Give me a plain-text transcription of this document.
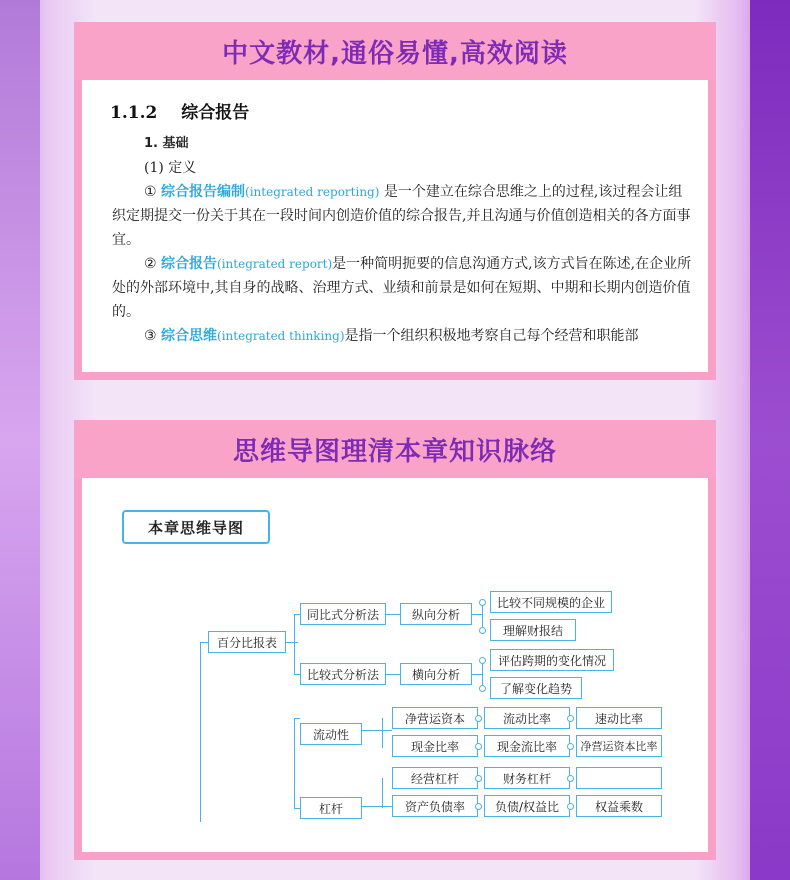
中文教材,通俗易懂,高效阅读
1.1.2 综合报告

1. 基础

(1) 定义

① 综合报告编制(integrated reporting) 是一个建立在综合思维之上的过程,该过程会让组织定期提交一份关于其在一段时间内创造价值的综合报告,并且沟通与价值创造相关的各方面事宜。

② 综合报告(integrated report)是一种简明扼要的信息沟通方式,该方式旨在陈述,在企业所处的外部环境中,其自身的战略、治理方式、业绩和前景是如何在短期、中期和长期内创造价值的。

③ 综合思维(integrated thinking)是指一个组织积极地考察自己每个经营和职能部

思维导图理清本章知识脉络
本章思维导图
百分比报表
同比式分析法	纵向分析
比较不同规模的企业
理解财报结
比较式分析法	横向分析
评估跨期的变化情况
了解变化趋势
流动性
净营运资本	流动比率	速动比率
现金比率	现金流比率	净营运资本比率
杠杆
经营杠杆	财务杠杆
资产负债率	负债/权益比	权益乘数
